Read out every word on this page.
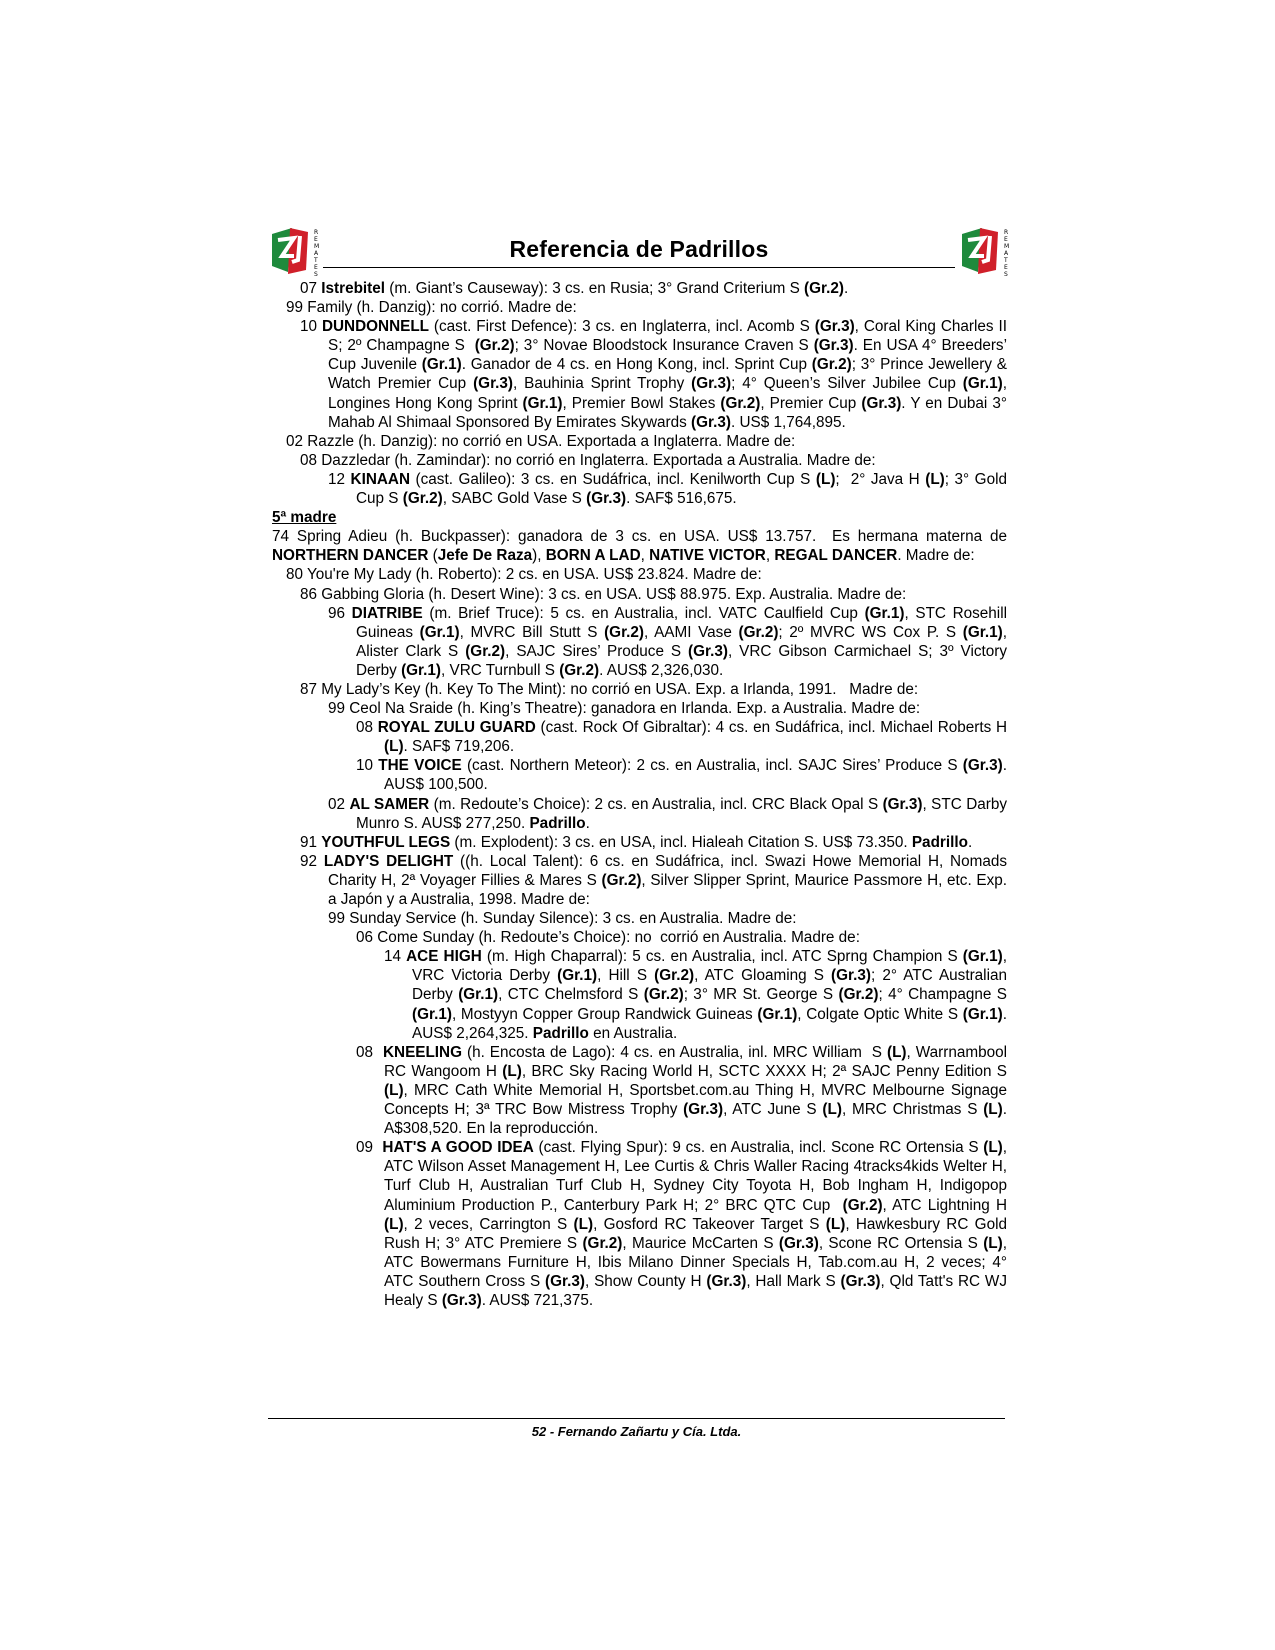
R
E
M
A
T
E
S
Referencia de Padrillos
R
E
M
A
T
E
S
07 Istrebitel (m. Giant’s Causeway): 3 cs. en Rusia; 3° Grand Criterium S (Gr.2).
99 Family (h. Danzig): no corrió. Madre de:
10 DUNDONNELL (cast. First Defence): 3 cs. en Inglaterra, incl. Acomb S (Gr.3), Coral King Charles II S; 2º Champagne S  (Gr.2); 3° Novae Bloodstock Insurance Craven S (Gr.3). En USA 4° Breeders’ Cup Juvenile (Gr.1). Ganador de 4 cs. en Hong Kong, incl. Sprint Cup (Gr.2); 3° Prince Jewellery & Watch Premier Cup (Gr.3), Bauhinia Sprint Trophy (Gr.3); 4° Queen’s Silver Jubilee Cup (Gr.1), Longines Hong Kong Sprint (Gr.1), Premier Bowl Stakes (Gr.2), Premier Cup (Gr.3). Y en Dubai 3° Mahab Al Shimaal Sponsored By Emirates Skywards (Gr.3). US$ 1,764,895.
02 Razzle (h. Danzig): no corrió en USA. Exportada a Inglaterra. Madre de:
08 Dazzledar (h. Zamindar): no corrió en Inglaterra. Exportada a Australia. Madre de:
12 KINAAN (cast. Galileo): 3 cs. en Sudáfrica, incl. Kenilworth Cup S (L);  2° Java H (L); 3° Gold Cup S (Gr.2), SABC Gold Vase S (Gr.3). SAF$ 516,675.
5ª madre
74 Spring Adieu (h. Buckpasser): ganadora de 3 cs. en USA. US$ 13.757.  Es hermana materna de NORTHERN DANCER (Jefe De Raza), BORN A LAD, NATIVE VICTOR, REGAL DANCER. Madre de:
80 You're My Lady (h. Roberto): 2 cs. en USA. US$ 23.824. Madre de:
86 Gabbing Gloria (h. Desert Wine): 3 cs. en USA. US$ 88.975. Exp. Australia. Madre de:
96 DIATRIBE (m. Brief Truce): 5 cs. en Australia, incl. VATC Caulfield Cup (Gr.1), STC Rosehill Guineas (Gr.1), MVRC Bill Stutt S (Gr.2), AAMI Vase (Gr.2); 2º MVRC WS Cox P. S (Gr.1), Alister Clark S (Gr.2), SAJC Sires’ Produce S (Gr.3), VRC Gibson Carmichael S; 3º Victory Derby (Gr.1), VRC Turnbull S (Gr.2). AUS$ 2,326,030.
87 My Lady’s Key (h. Key To The Mint): no corrió en USA. Exp. a Irlanda, 1991.   Madre de:
99 Ceol Na Sraide (h. King’s Theatre): ganadora en Irlanda. Exp. a Australia. Madre de:
08 ROYAL ZULU GUARD (cast. Rock Of Gibraltar): 4 cs. en Sudáfrica, incl. Michael Roberts H (L). SAF$ 719,206.
10 THE VOICE (cast. Northern Meteor): 2 cs. en Australia, incl. SAJC Sires’ Produce S (Gr.3). AUS$ 100,500.
02 AL SAMER (m. Redoute’s Choice): 2 cs. en Australia, incl. CRC Black Opal S (Gr.3), STC Darby Munro S. AUS$ 277,250. Padrillo.
91 YOUTHFUL LEGS (m. Explodent): 3 cs. en USA, incl. Hialeah Citation S. US$ 73.350. Padrillo.
92 LADY'S DELIGHT ((h. Local Talent): 6 cs. en Sudáfrica, incl. Swazi Howe Memorial H, Nomads Charity H, 2ª Voyager Fillies & Mares S (Gr.2), Silver Slipper Sprint, Maurice Passmore H, etc. Exp. a Japón y a Australia, 1998. Madre de:
99 Sunday Service (h. Sunday Silence): 3 cs. en Australia. Madre de:
06 Come Sunday (h. Redoute’s Choice): no  corrió en Australia. Madre de:
14 ACE HIGH (m. High Chaparral): 5 cs. en Australia, incl. ATC Sprng Champion S (Gr.1), VRC Victoria Derby (Gr.1), Hill S (Gr.2), ATC Gloaming S (Gr.3); 2° ATC Australian Derby (Gr.1), CTC Chelmsford S (Gr.2); 3° MR St. George S (Gr.2); 4° Champagne S (Gr.1), Mostyyn Copper Group Randwick Guineas (Gr.1), Colgate Optic White S (Gr.1). AUS$ 2,264,325. Padrillo en Australia.
08  KNEELING (h. Encosta de Lago): 4 cs. en Australia, inl. MRC William  S (L), Warrnambool RC Wangoom H (L), BRC Sky Racing World H, SCTC XXXX H; 2ª SAJC Penny Edition S (L), MRC Cath White Memorial H, Sportsbet.com.au Thing H, MVRC Melbourne Signage Concepts H; 3ª TRC Bow Mistress Trophy (Gr.3), ATC June S (L), MRC Christmas S (L). A$308,520. En la reproducción.
09  HAT'S A GOOD IDEA (cast. Flying Spur): 9 cs. en Australia, incl. Scone RC Ortensia S (L), ATC Wilson Asset Management H, Lee Curtis & Chris Waller Racing 4tracks4kids Welter H, Turf Club H, Australian Turf Club H, Sydney City Toyota H, Bob Ingham H, Indigopop Aluminium Production P., Canterbury Park H; 2° BRC QTC Cup  (Gr.2), ATC Lightning H (L), 2 veces, Carrington S (L), Gosford RC Takeover Target S (L), Hawkesbury RC Gold Rush H; 3° ATC Premiere S (Gr.2), Maurice McCarten S (Gr.3), Scone RC Ortensia S (L), ATC Bowermans Furniture H, Ibis Milano Dinner Specials H, Tab.com.au H, 2 veces; 4° ATC Southern Cross S (Gr.3), Show County H (Gr.3), Hall Mark S (Gr.3), Qld Tatt's RC WJ Healy S (Gr.3). AUS$ 721,375.
52 - Fernando Zañartu y Cía. Ltda.
